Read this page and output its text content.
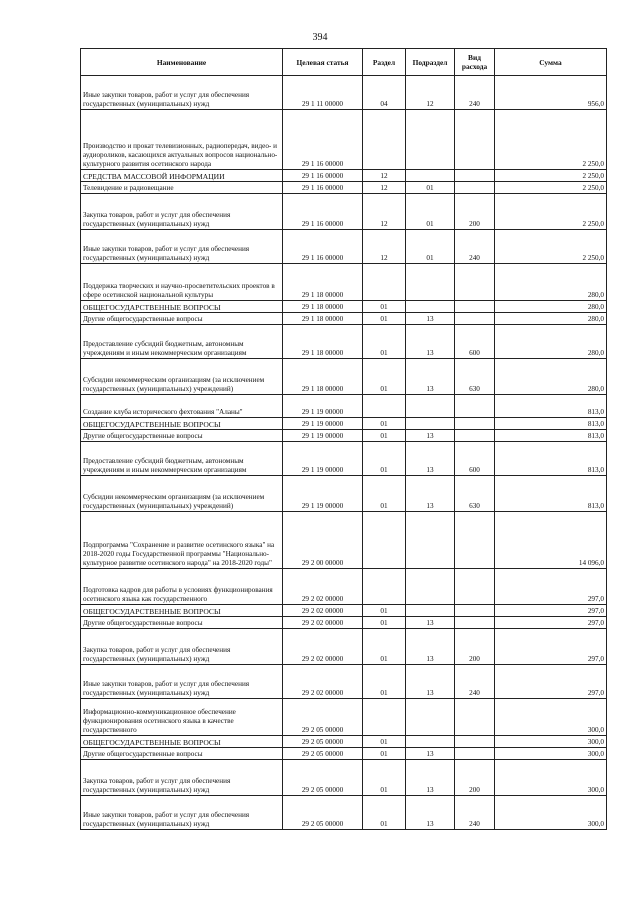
394
Наименование	Целевая статья	Раздел	Подраздел	Вид расхода	Сумма
Иные закупки товаров, работ и услуг для обеспечения государственных (муниципальных) нужд	29 1 11 00000	04	12	240	956,0
Производство и прокат телевизионных, радиопередач, видео- и аудиороликов, касающихся актуальных вопросов национально-культурного развития осетинского народа	29 1 16 00000				2 250,0
СРЕДСТВА МАССОВОЙ ИНФОРМАЦИИ	29 1 16 00000	12			2 250,0
Телевидение и радиовещание	29 1 16 00000	12	01		2 250,0
Закупка товаров, работ и услуг для обеспечения государственных (муниципальных) нужд	29 1 16 00000	12	01	200	2 250,0
Иные закупки товаров, работ и услуг для обеспечения государственных (муниципальных) нужд	29 1 16 00000	12	01	240	2 250,0
Поддержка творческих и научно-просветительских проектов в сфере осетинской национальной культуры	29 1 18 00000				280,0
ОБЩЕГОСУДАРСТВЕННЫЕ ВОПРОСЫ	29 1 18 00000	01			280,0
Другие общегосударственные вопросы	29 1 18 00000	01	13		280,0
Предоставление субсидий бюджетным, автономным учреждениям и иным некоммерческим организациям	29 1 18 00000	01	13	600	280,0
Субсидии некоммерческим организациям (за исключением государственных (муниципальных) учреждений)	29 1 18 00000	01	13	630	280,0
Создание клуба исторического фехтования "Аланы"	29 1 19 00000				813,0
ОБЩЕГОСУДАРСТВЕННЫЕ ВОПРОСЫ	29 1 19 00000	01			813,0
Другие общегосударственные вопросы	29 1 19 00000	01	13		813,0
Предоставление субсидий бюджетным, автономным учреждениям и иным некоммерческим организациям	29 1 19 00000	01	13	600	813,0
Субсидии некоммерческим организациям (за исключением государственных (муниципальных) учреждений)	29 1 19 00000	01	13	630	813,0
Подпрограмма "Сохранение и развитие осетинского языка" на 2018-2020 годы Государственной программы "Национально-культурное развитие осетинского народа" на 2018-2020 годы"	29 2 00 00000				14 096,0
Подготовка кадров для работы в условиях функционирования осетинского языка как государственного	29 2 02 00000				297,0
ОБЩЕГОСУДАРСТВЕННЫЕ ВОПРОСЫ	29 2 02 00000	01			297,0
Другие общегосударственные вопросы	29 2 02 00000	01	13		297,0
Закупка товаров, работ и услуг для обеспечения государственных (муниципальных) нужд	29 2 02 00000	01	13	200	297,0
Иные закупки товаров, работ и услуг для обеспечения государственных (муниципальных) нужд	29 2 02 00000	01	13	240	297,0
Информационно-коммуникационное обеспечение функционирования осетинского языка в качестве государственного	29 2 05 00000				300,0
ОБЩЕГОСУДАРСТВЕННЫЕ ВОПРОСЫ	29 2 05 00000	01			300,0
Другие общегосударственные вопросы	29 2 05 00000	01	13		300,0
Закупка товаров, работ и услуг для обеспечения государственных (муниципальных) нужд	29 2 05 00000	01	13	200	300,0
Иные закупки товаров, работ и услуг для обеспечения государственных (муниципальных) нужд	29 2 05 00000	01	13	240	300,0
